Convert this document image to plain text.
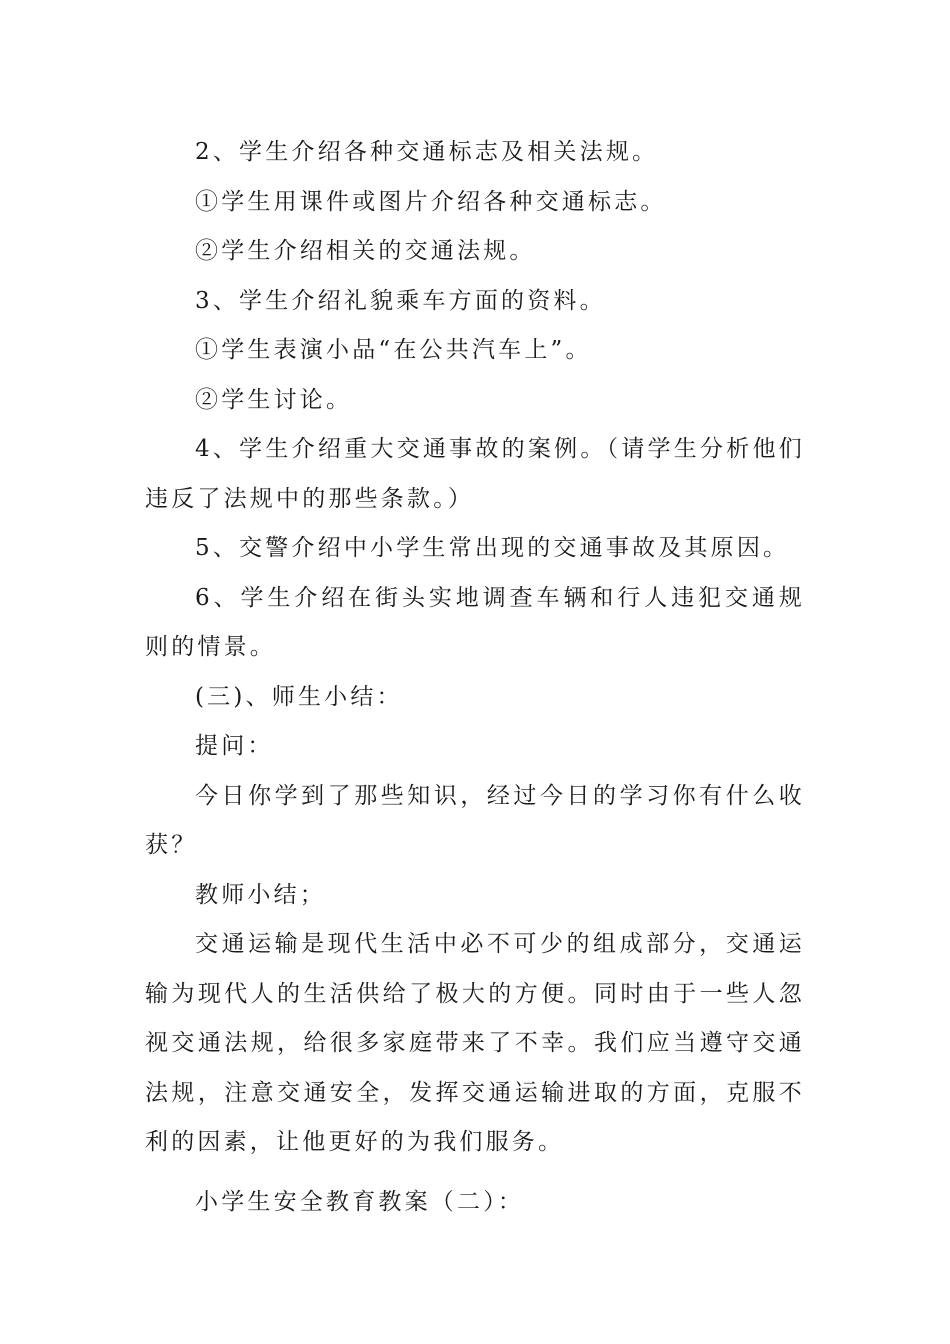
2、学生介绍各种交通标志及相关法规。

①学生用课件或图片介绍各种交通标志。

②学生介绍相关的交通法规。

3、学生介绍礼貌乘车方面的资料。

①学生表演小品“在公共汽车上”。

②学生讨论。

4、学生介绍重大交通事故的案例。（请学生分析他们违反了法规中的那些条款。）

5、交警介绍中小学生常出现的交通事故及其原因。

6、学生介绍在街头实地调查车辆和行人违犯交通规则的情景。

(三)、师生小结：

提问：

今日你学到了那些知识，经过今日的学习你有什么收获？

教师小结；

交通运输是现代生活中必不可少的组成部分，交通运输为现代人的生活供给了极大的方便。同时由于一些人忽视交通法规，给很多家庭带来了不幸。我们应当遵守交通法规，注意交通安全，发挥交通运输进取的方面，克服不利的因素，让他更好的为我们服务。

小学生安全教育教案（二）：
